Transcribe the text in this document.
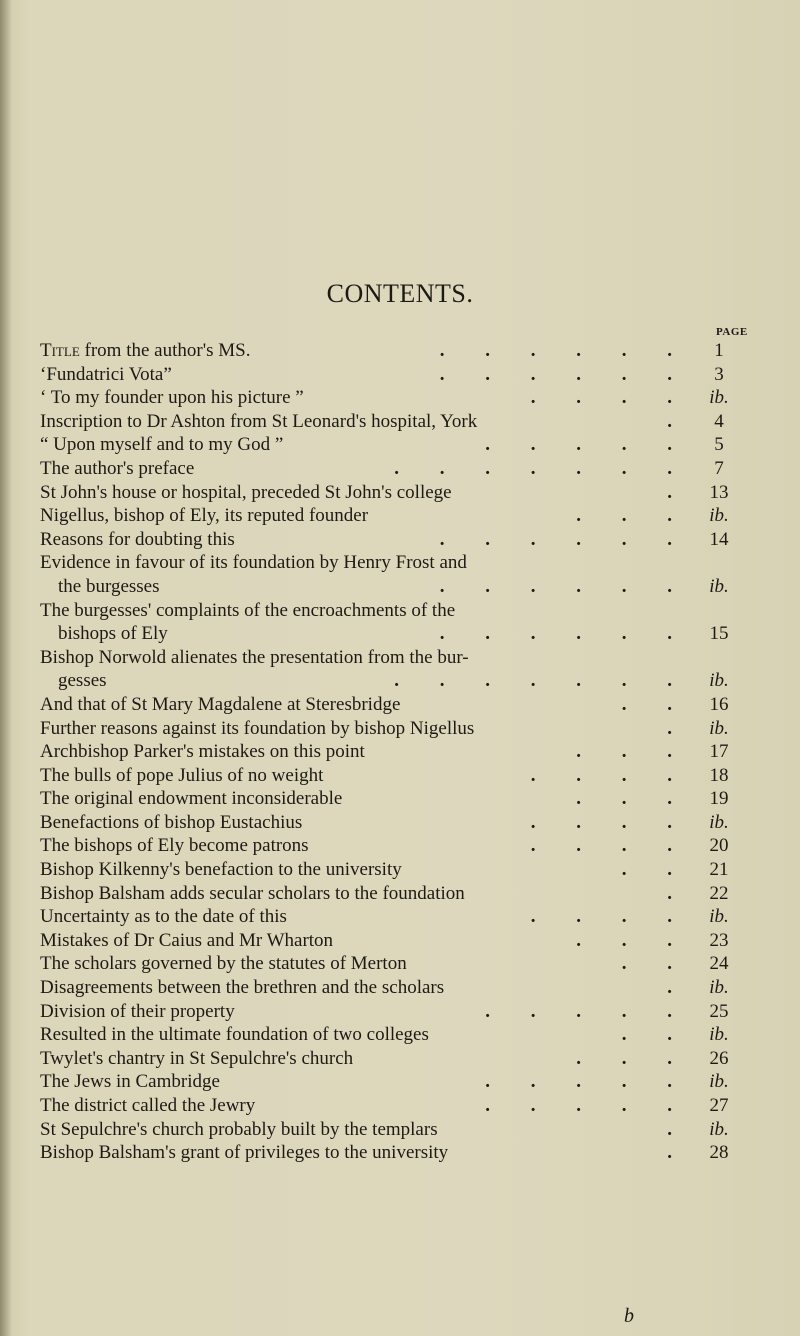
CONTENTS.
PAGE
Title from the author's MS.	. . . . . .	1
‘Fundatrici Vota”	. . . . . .	3
‘ To my founder upon his picture ”	. . . .	ib.
Inscription to Dr Ashton from St Leonard's hospital, York	.	4
“ Upon myself and to my God ”	. . . . .	5
The author's preface	. . . . . . .	7
St John's house or hospital, preceded St John's college	.	13
Nigellus, bishop of Ely, its reputed founder	. . .	ib.
Reasons for doubting this	. . . . . .	14
Evidence in favour of its foundation by Henry Frost and
the burgesses	. . . . . .	ib.
The burgesses' complaints of the encroachments of the
bishops of Ely	. . . . . .	15
Bishop Norwold alienates the presentation from the bur-
gesses	. . . . . . .	ib.
And that of St Mary Magdalene at Steresbridge	. .	16
Further reasons against its foundation by bishop Nigellus	.	ib.
Archbishop Parker's mistakes on this point	. . .	17
The bulls of pope Julius of no weight	. . . .	18
The original endowment inconsiderable	. . .	19
Benefactions of bishop Eustachius	. . . .	ib.
The bishops of Ely become patrons	. . . .	20
Bishop Kilkenny's benefaction to the university	. .	21
Bishop Balsham adds secular scholars to the foundation	.	22
Uncertainty as to the date of this	. . . .	ib.
Mistakes of Dr Caius and Mr Wharton	. . .	23
The scholars governed by the statutes of Merton	. .	24
Disagreements between the brethren and the scholars	.	ib.
Division of their property	. . . . .	25
Resulted in the ultimate foundation of two colleges	. .	ib.
Twylet's chantry in St Sepulchre's church	. . .	26
The Jews in Cambridge	. . . . .	ib.
The district called the Jewry	. . . . .	27
St Sepulchre's church probably built by the templars	.	ib.
Bishop Balsham's grant of privileges to the university	.	28
b
